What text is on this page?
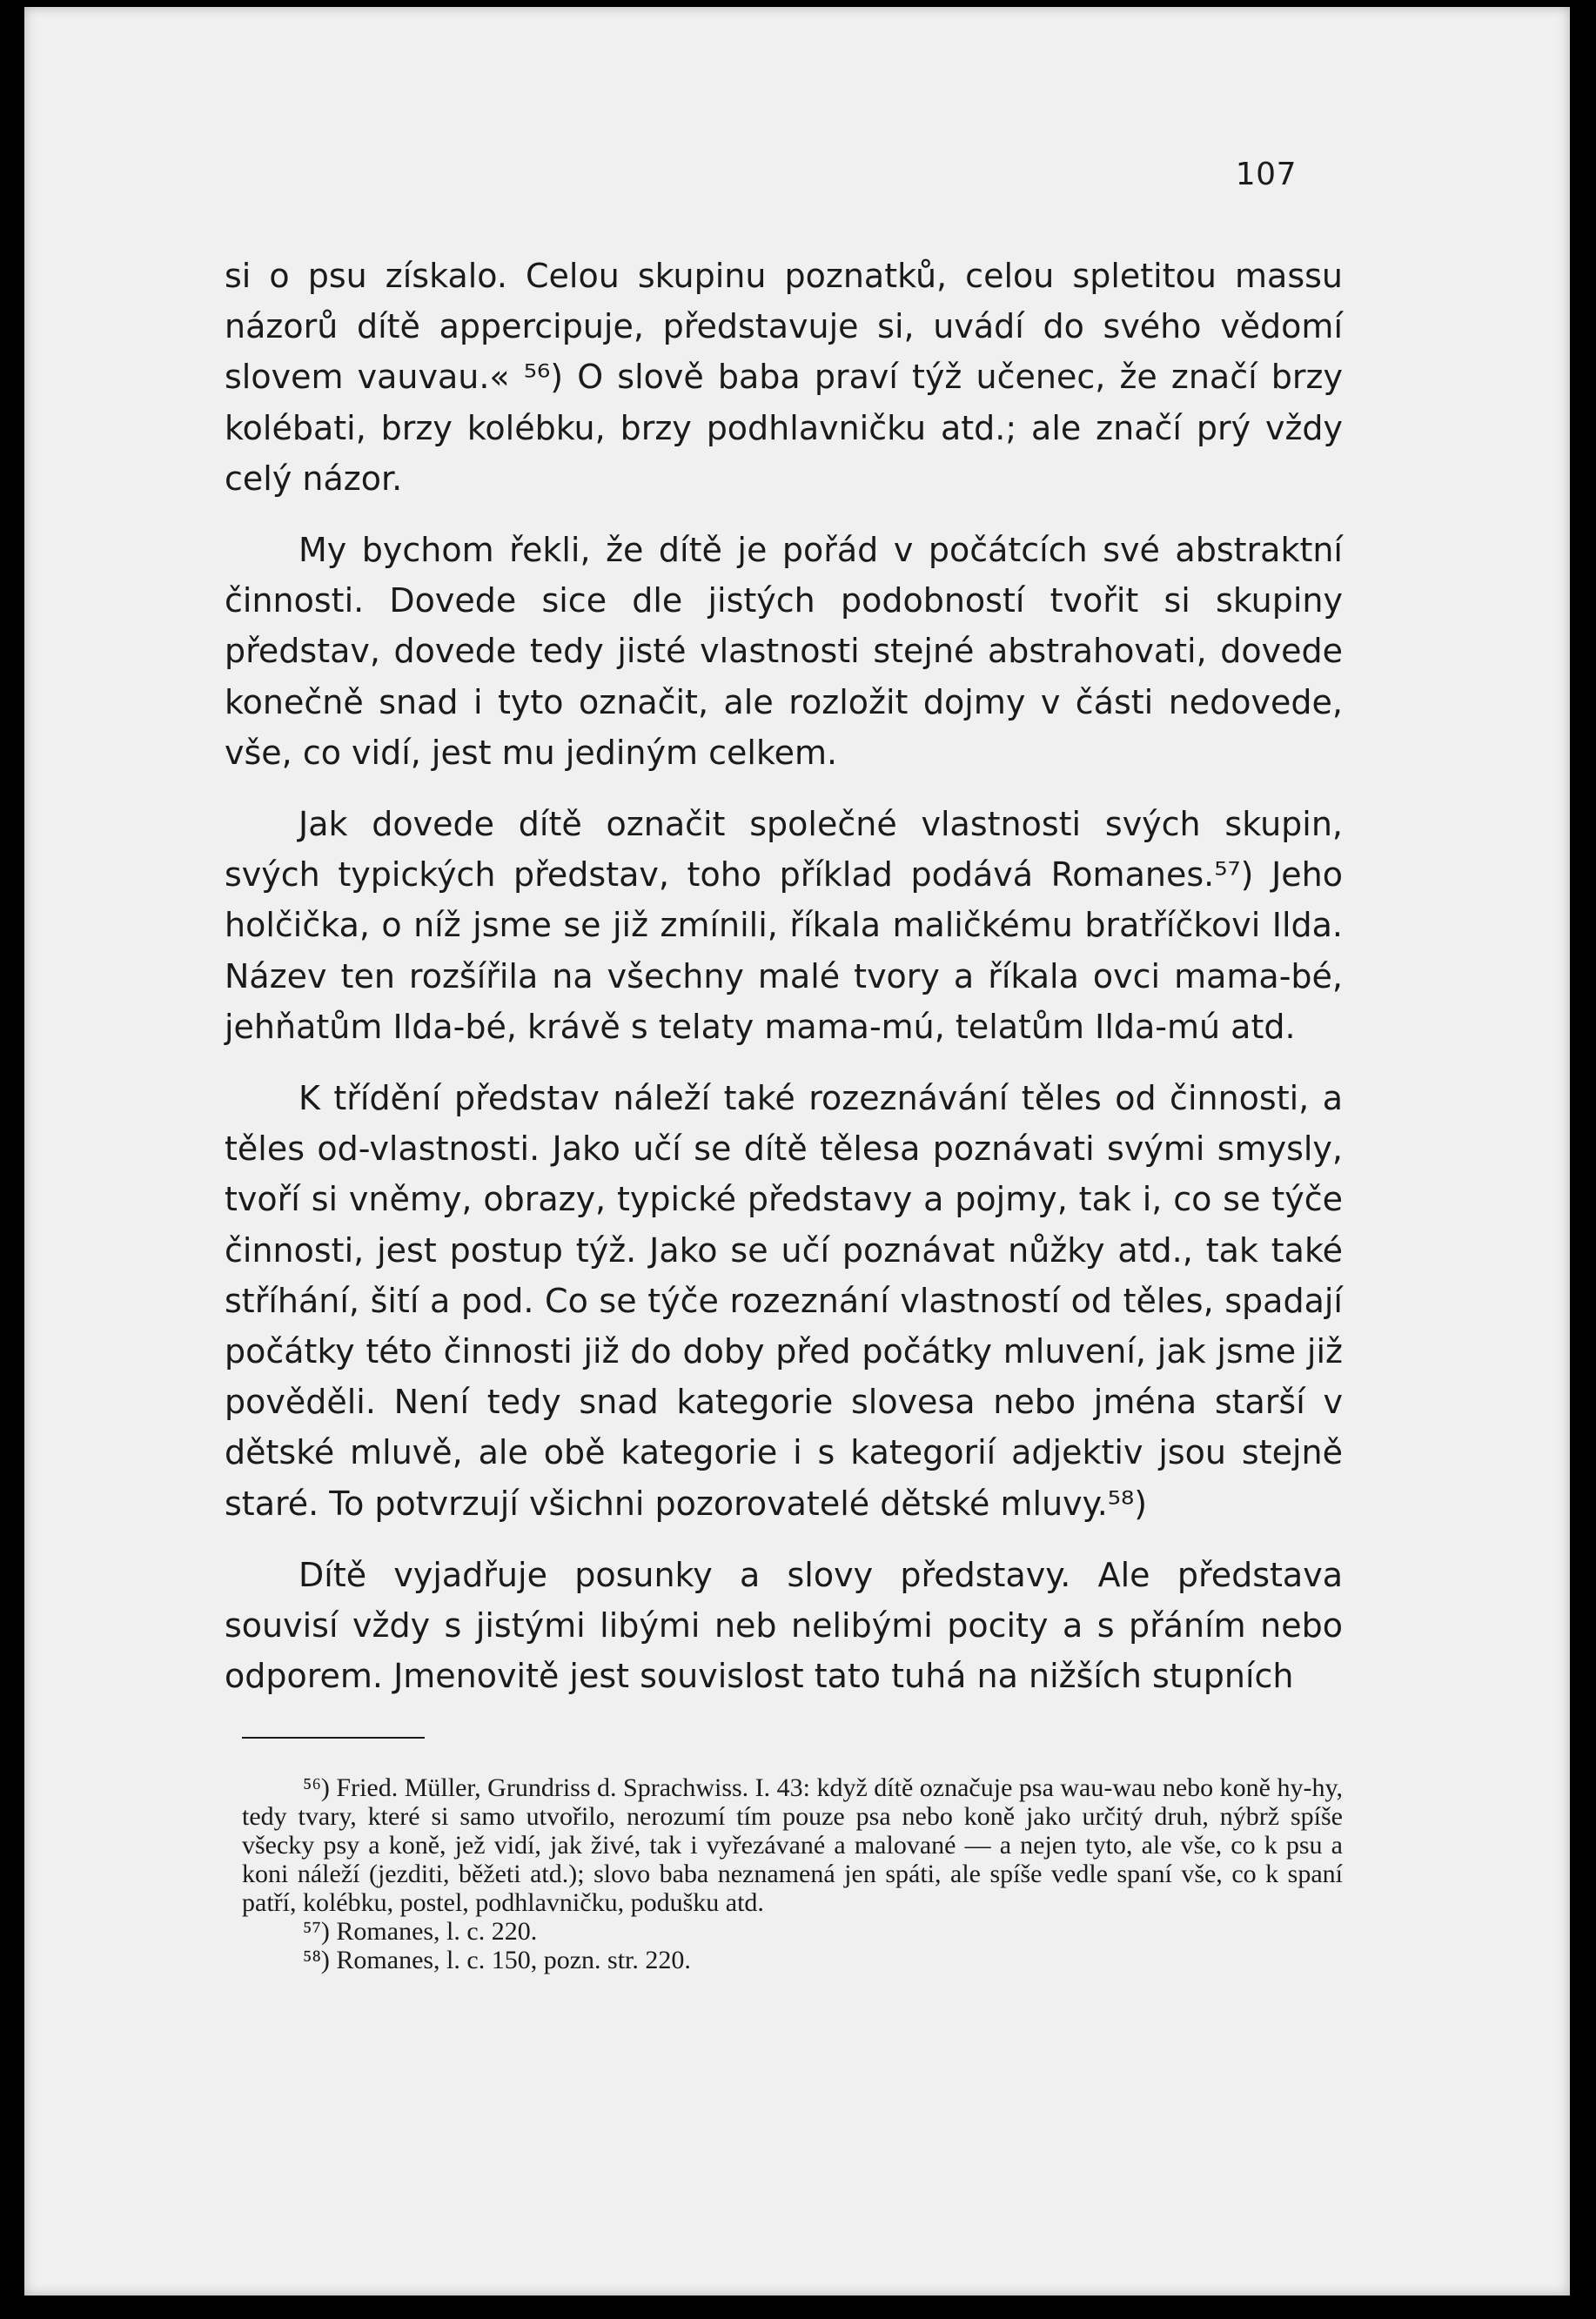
107

si o psu získalo. Celou skupinu poznatků, celou spletitou massu názorů dítě appercipuje, představuje si, uvádí do svého vědomí slovem vauvau.« ⁵⁶) O slově baba praví týž učenec, že značí brzy kolébati, brzy kolébku, brzy podhlavničku atd.; ale značí prý vždy celý názor.

My bychom řekli, že dítě je pořád v počátcích své abstraktní činnosti. Dovede sice dle jistých podobností tvořit si skupiny představ, dovede tedy jisté vlastnosti stejné abstrahovati, dovede konečně snad i tyto označit, ale rozložit dojmy v části nedovede, vše, co vidí, jest mu jediným celkem.

Jak dovede dítě označit společné vlastnosti svých skupin, svých typických představ, toho příklad podává Romanes.⁵⁷) Jeho holčička, o níž jsme se již zmínili, říkala maličkému bratříčkovi Ilda. Název ten rozšířila na všechny malé tvory a říkala ovci mama-bé, jehňatům Ilda-bé, krávě s telaty mama-mú, telatům Ilda-mú atd.

K třídění představ náleží také rozeznávání těles od činnosti, a těles od-vlastnosti. Jako učí se dítě tělesa poznávati svými smysly, tvoří si vněmy, obrazy, typické představy a pojmy, tak i, co se týče činnosti, jest postup týž. Jako se učí poznávat nůžky atd., tak také stříhání, šití a pod. Co se týče rozeznání vlastností od těles, spadají počátky této činnosti již do doby před počátky mluvení, jak jsme již pověděli. Není tedy snad kategorie slovesa nebo jména starší v dětské mluvě, ale obě kategorie i s kategorií adjektiv jsou stejně staré. To potvrzují všichni pozorovatelé dětské mluvy.⁵⁸)

Dítě vyjadřuje posunky a slovy představy. Ale představa souvisí vždy s jistými libými neb nelibými pocity a s přáním nebo odporem. Jmenovitě jest souvislost tato tuhá na nižších stupních

⁵⁶) Fried. Müller, Grundriss d. Sprachwiss. I. 43: když dítě označuje psa wau-wau nebo koně hy-hy, tedy tvary, které si samo utvořilo, nerozumí tím pouze psa nebo koně jako určitý druh, nýbrž spíše všecky psy a koně, jež vidí, jak živé, tak i vyřezávané a malované — a nejen tyto, ale vše, co k psu a koni náleží (jezditi, běžeti atd.); slovo baba neznamená jen spáti, ale spíše vedle spaní vše, co k spaní patří, kolébku, postel, podhlavničku, podušku atd.

⁵⁷) Romanes, l. c. 220.

⁵⁸) Romanes, l. c. 150, pozn. str. 220.
